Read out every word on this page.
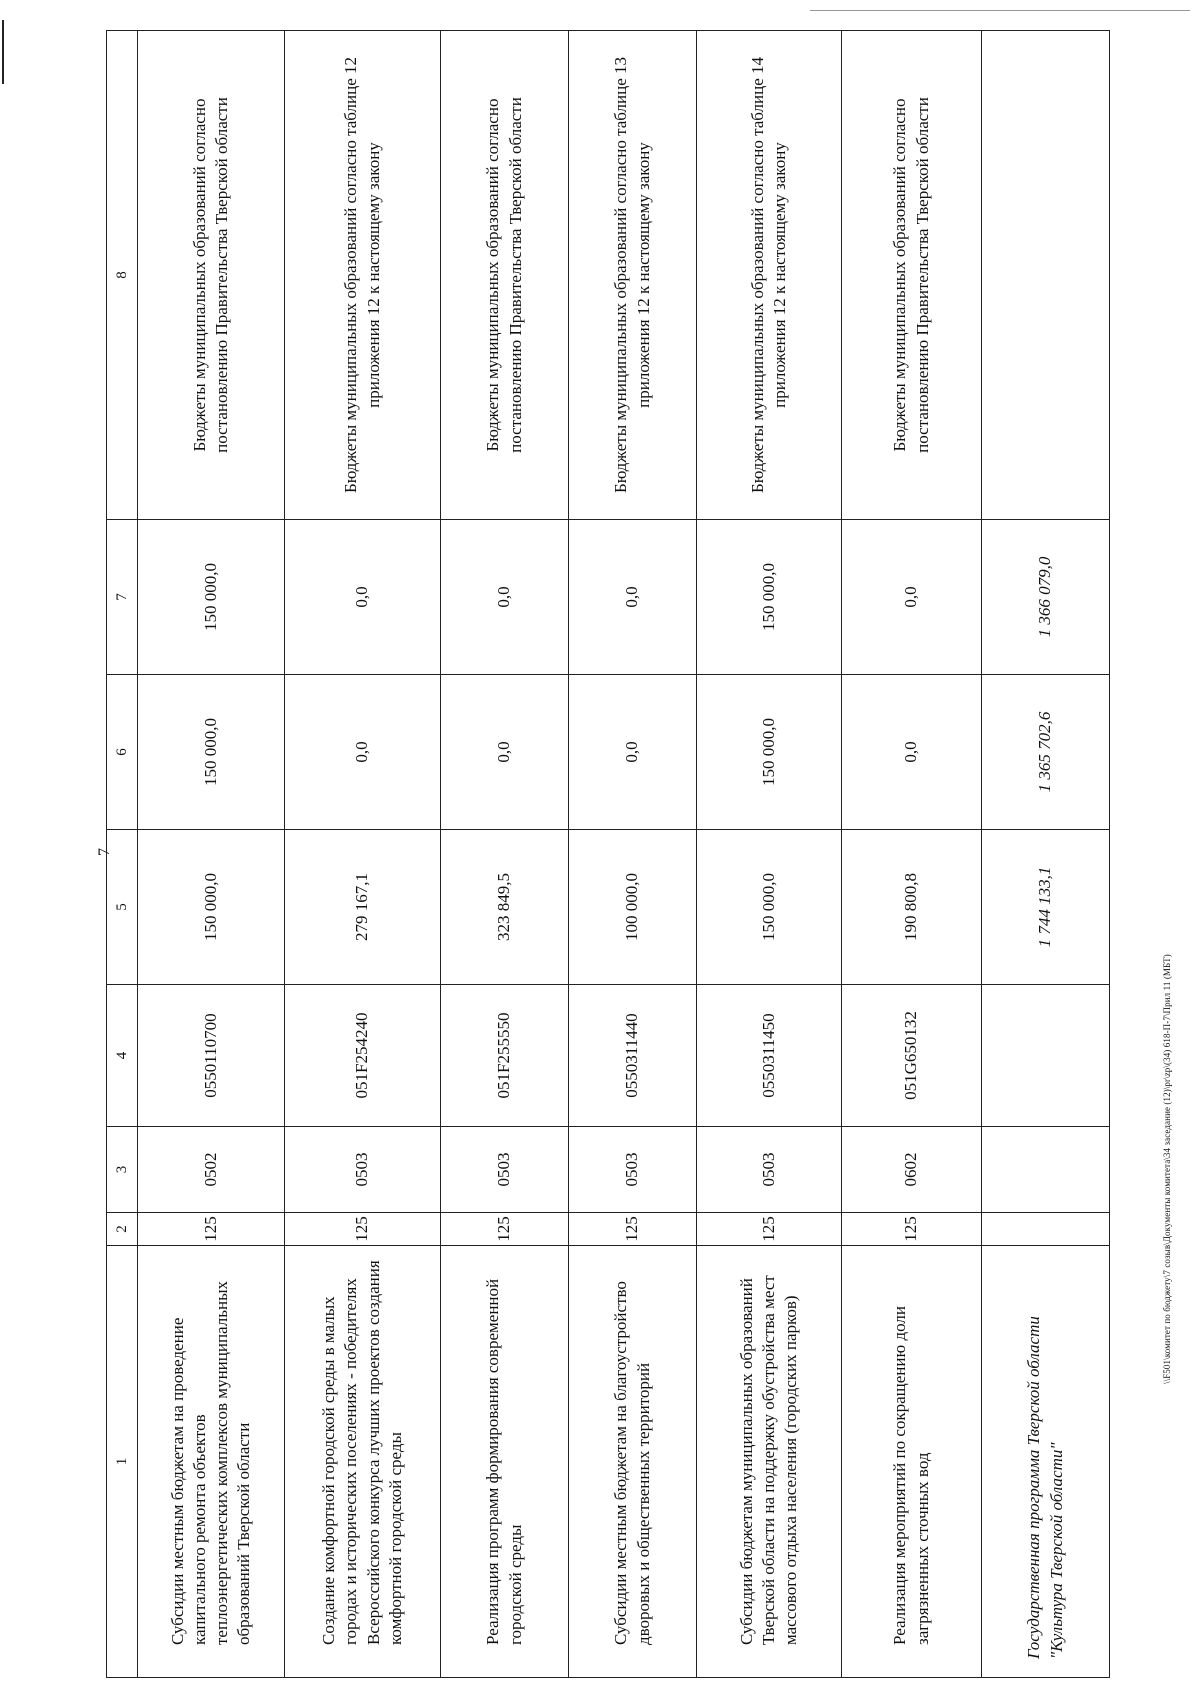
7
1	2	3	4	5	6	7	8
Субсидии местным бюджетам на проведение капитального ремонта объектов теплоэнергетических комплексов муниципальных образований Тверской области	125	0502	0550110700	150 000,0	150 000,0	150 000,0	Бюджеты муниципальных образований согласно постановлению Правительства Тверской области
Создание комфортной городской среды в малых городах и исторических поселениях - победителях Всероссийского конкурса лучших проектов создания комфортной городской среды	125	0503	051F254240	279 167,1	0,0	0,0	Бюджеты муниципальных образований согласно таблице 12 приложения 12 к настоящему закону
Реализация программ формирования современной городской среды	125	0503	051F255550	323 849,5	0,0	0,0	Бюджеты муниципальных образований согласно постановлению Правительства Тверской области
Субсидии местным бюджетам на благоустройство дворовых и общественных территорий	125	0503	0550311440	100 000,0	0,0	0,0	Бюджеты муниципальных образований согласно таблице 13 приложения 12 к настоящему закону
Субсидии бюджетам муниципальных образований Тверской области на поддержку обустройства мест массового отдыха населения (городских парков)	125	0503	0550311450	150 000,0	150 000,0	150 000,0	Бюджеты муниципальных образований согласно таблице 14 приложения 12 к настоящему закону
Реализация мероприятий по сокращению доли загрязненных сточных вод	125	0602	051G650132	190 800,8	0,0	0,0	Бюджеты муниципальных образований согласно постановлению Правительства Тверской области
Государственная программа Тверской области "Культура Тверской области"				1 744 133,1	1 365 702,6	1 366 079,0	
\\F501\комитет по бюджету\7 созыв\Документы комитета\34 заседание (12)\pr\zp\(34) 618-П-7\Прил 11 (МБТ)
